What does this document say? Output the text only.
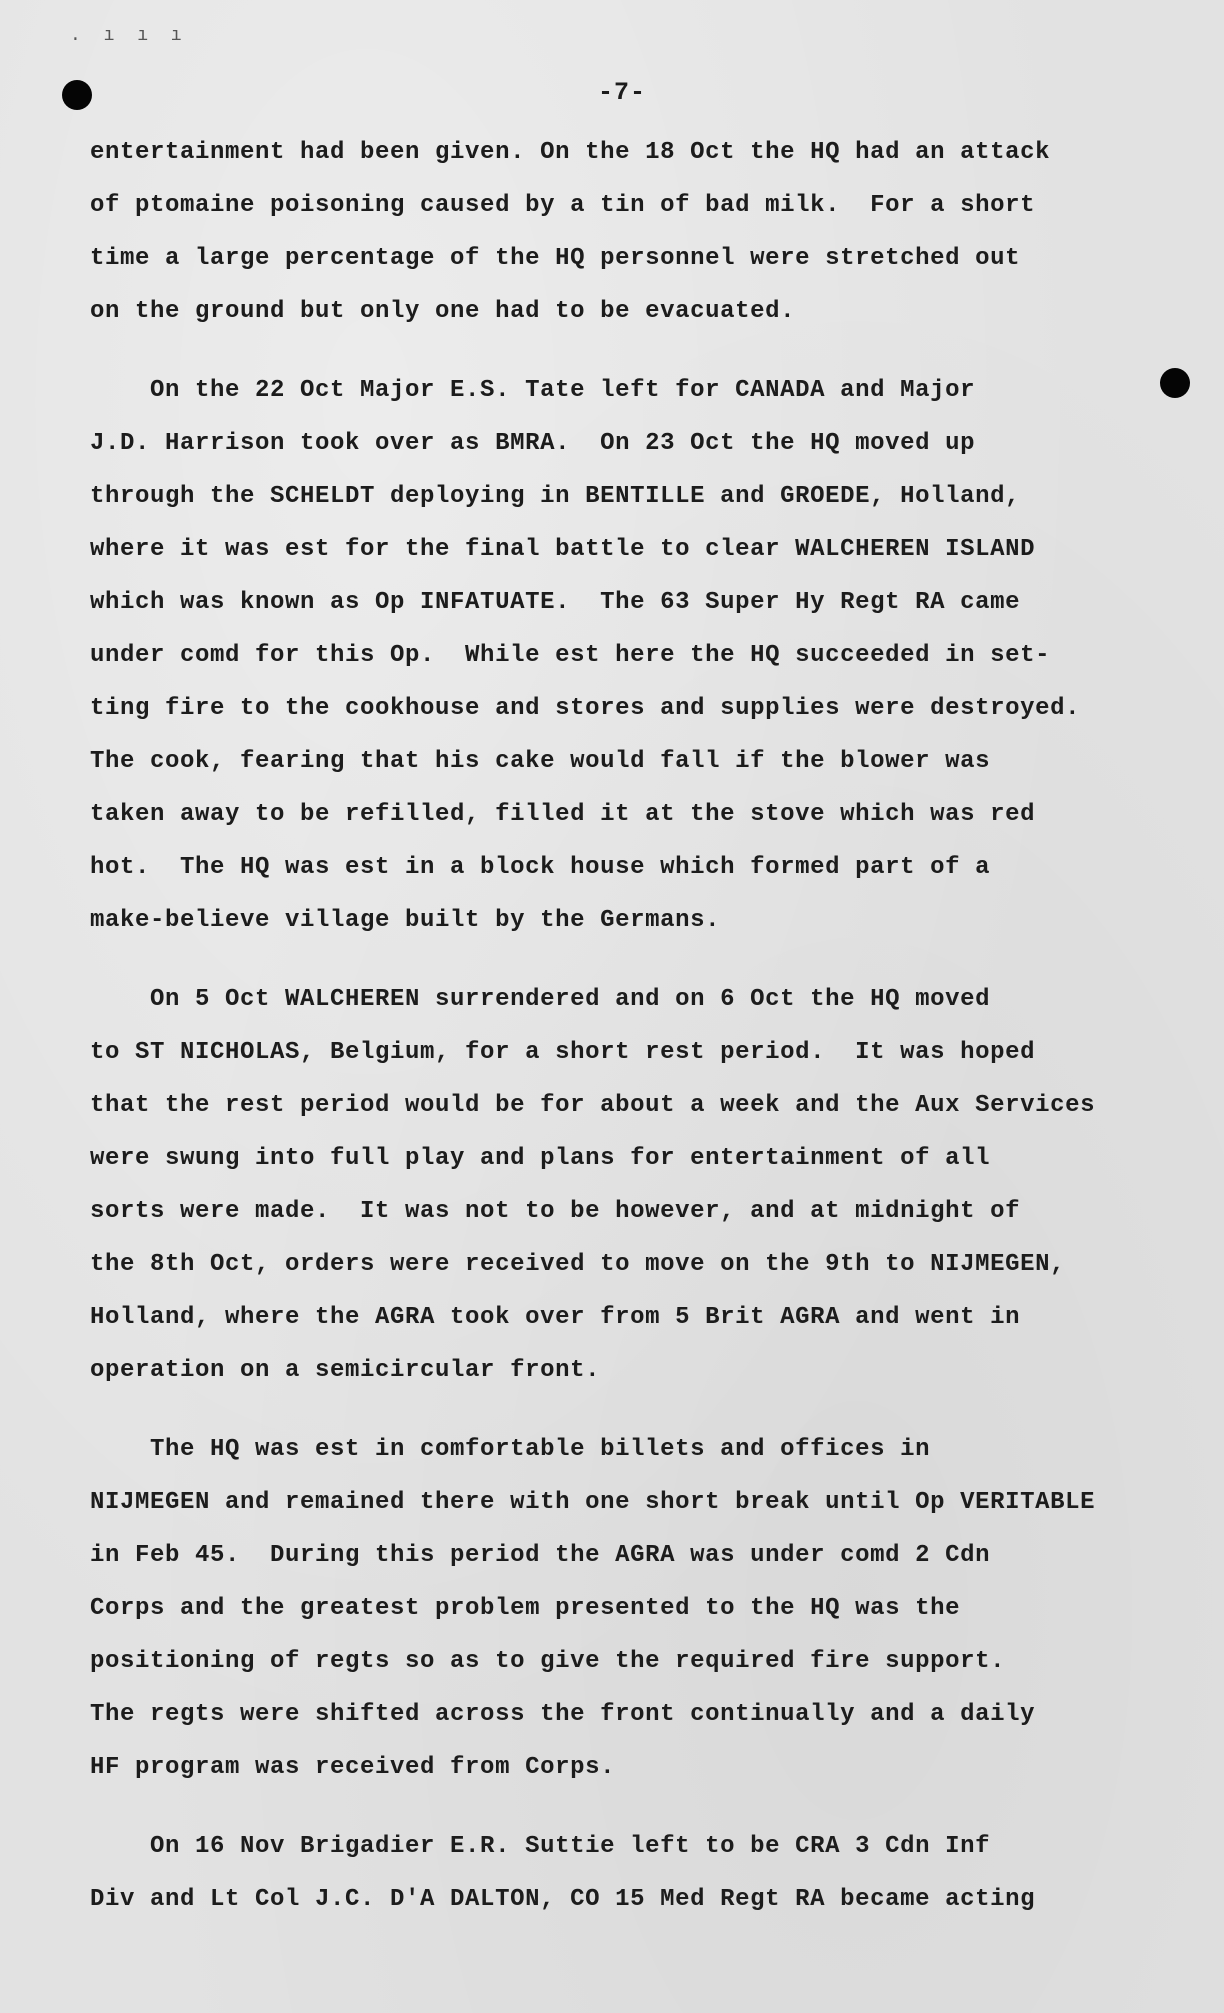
. ı ı ı
-7-
entertainment had been given. On the 18 Oct the HQ had an attack
of ptomaine poisoning caused by a tin of bad milk.  For a short
time a large percentage of the HQ personnel were stretched out
on the ground but only one had to be evacuated.
On the 22 Oct Major E.S. Tate left for CANADA and Major
J.D. Harrison took over as BMRA.  On 23 Oct the HQ moved up
through the SCHELDT deploying in BENTILLE and GROEDE, Holland,
where it was est for the final battle to clear WALCHEREN ISLAND
which was known as Op INFATUATE.  The 63 Super Hy Regt RA came
under comd for this Op.  While est here the HQ succeeded in set-
ting fire to the cookhouse and stores and supplies were destroyed.
The cook, fearing that his cake would fall if the blower was
taken away to be refilled, filled it at the stove which was red
hot.  The HQ was est in a block house which formed part of a
make-believe village built by the Germans.
On 5 Oct WALCHEREN surrendered and on 6 Oct the HQ moved
to ST NICHOLAS, Belgium, for a short rest period.  It was hoped
that the rest period would be for about a week and the Aux Services
were swung into full play and plans for entertainment of all
sorts were made.  It was not to be however, and at midnight of
the 8th Oct, orders were received to move on the 9th to NIJMEGEN,
Holland, where the AGRA took over from 5 Brit AGRA and went in
operation on a semicircular front.
The HQ was est in comfortable billets and offices in
NIJMEGEN and remained there with one short break until Op VERITABLE
in Feb 45.  During this period the AGRA was under comd 2 Cdn
Corps and the greatest problem presented to the HQ was the
positioning of regts so as to give the required fire support.
The regts were shifted across the front continually and a daily
HF program was received from Corps.
On 16 Nov Brigadier E.R. Suttie left to be CRA 3 Cdn Inf
Div and Lt Col J.C. D'A DALTON, CO 15 Med Regt RA became acting
